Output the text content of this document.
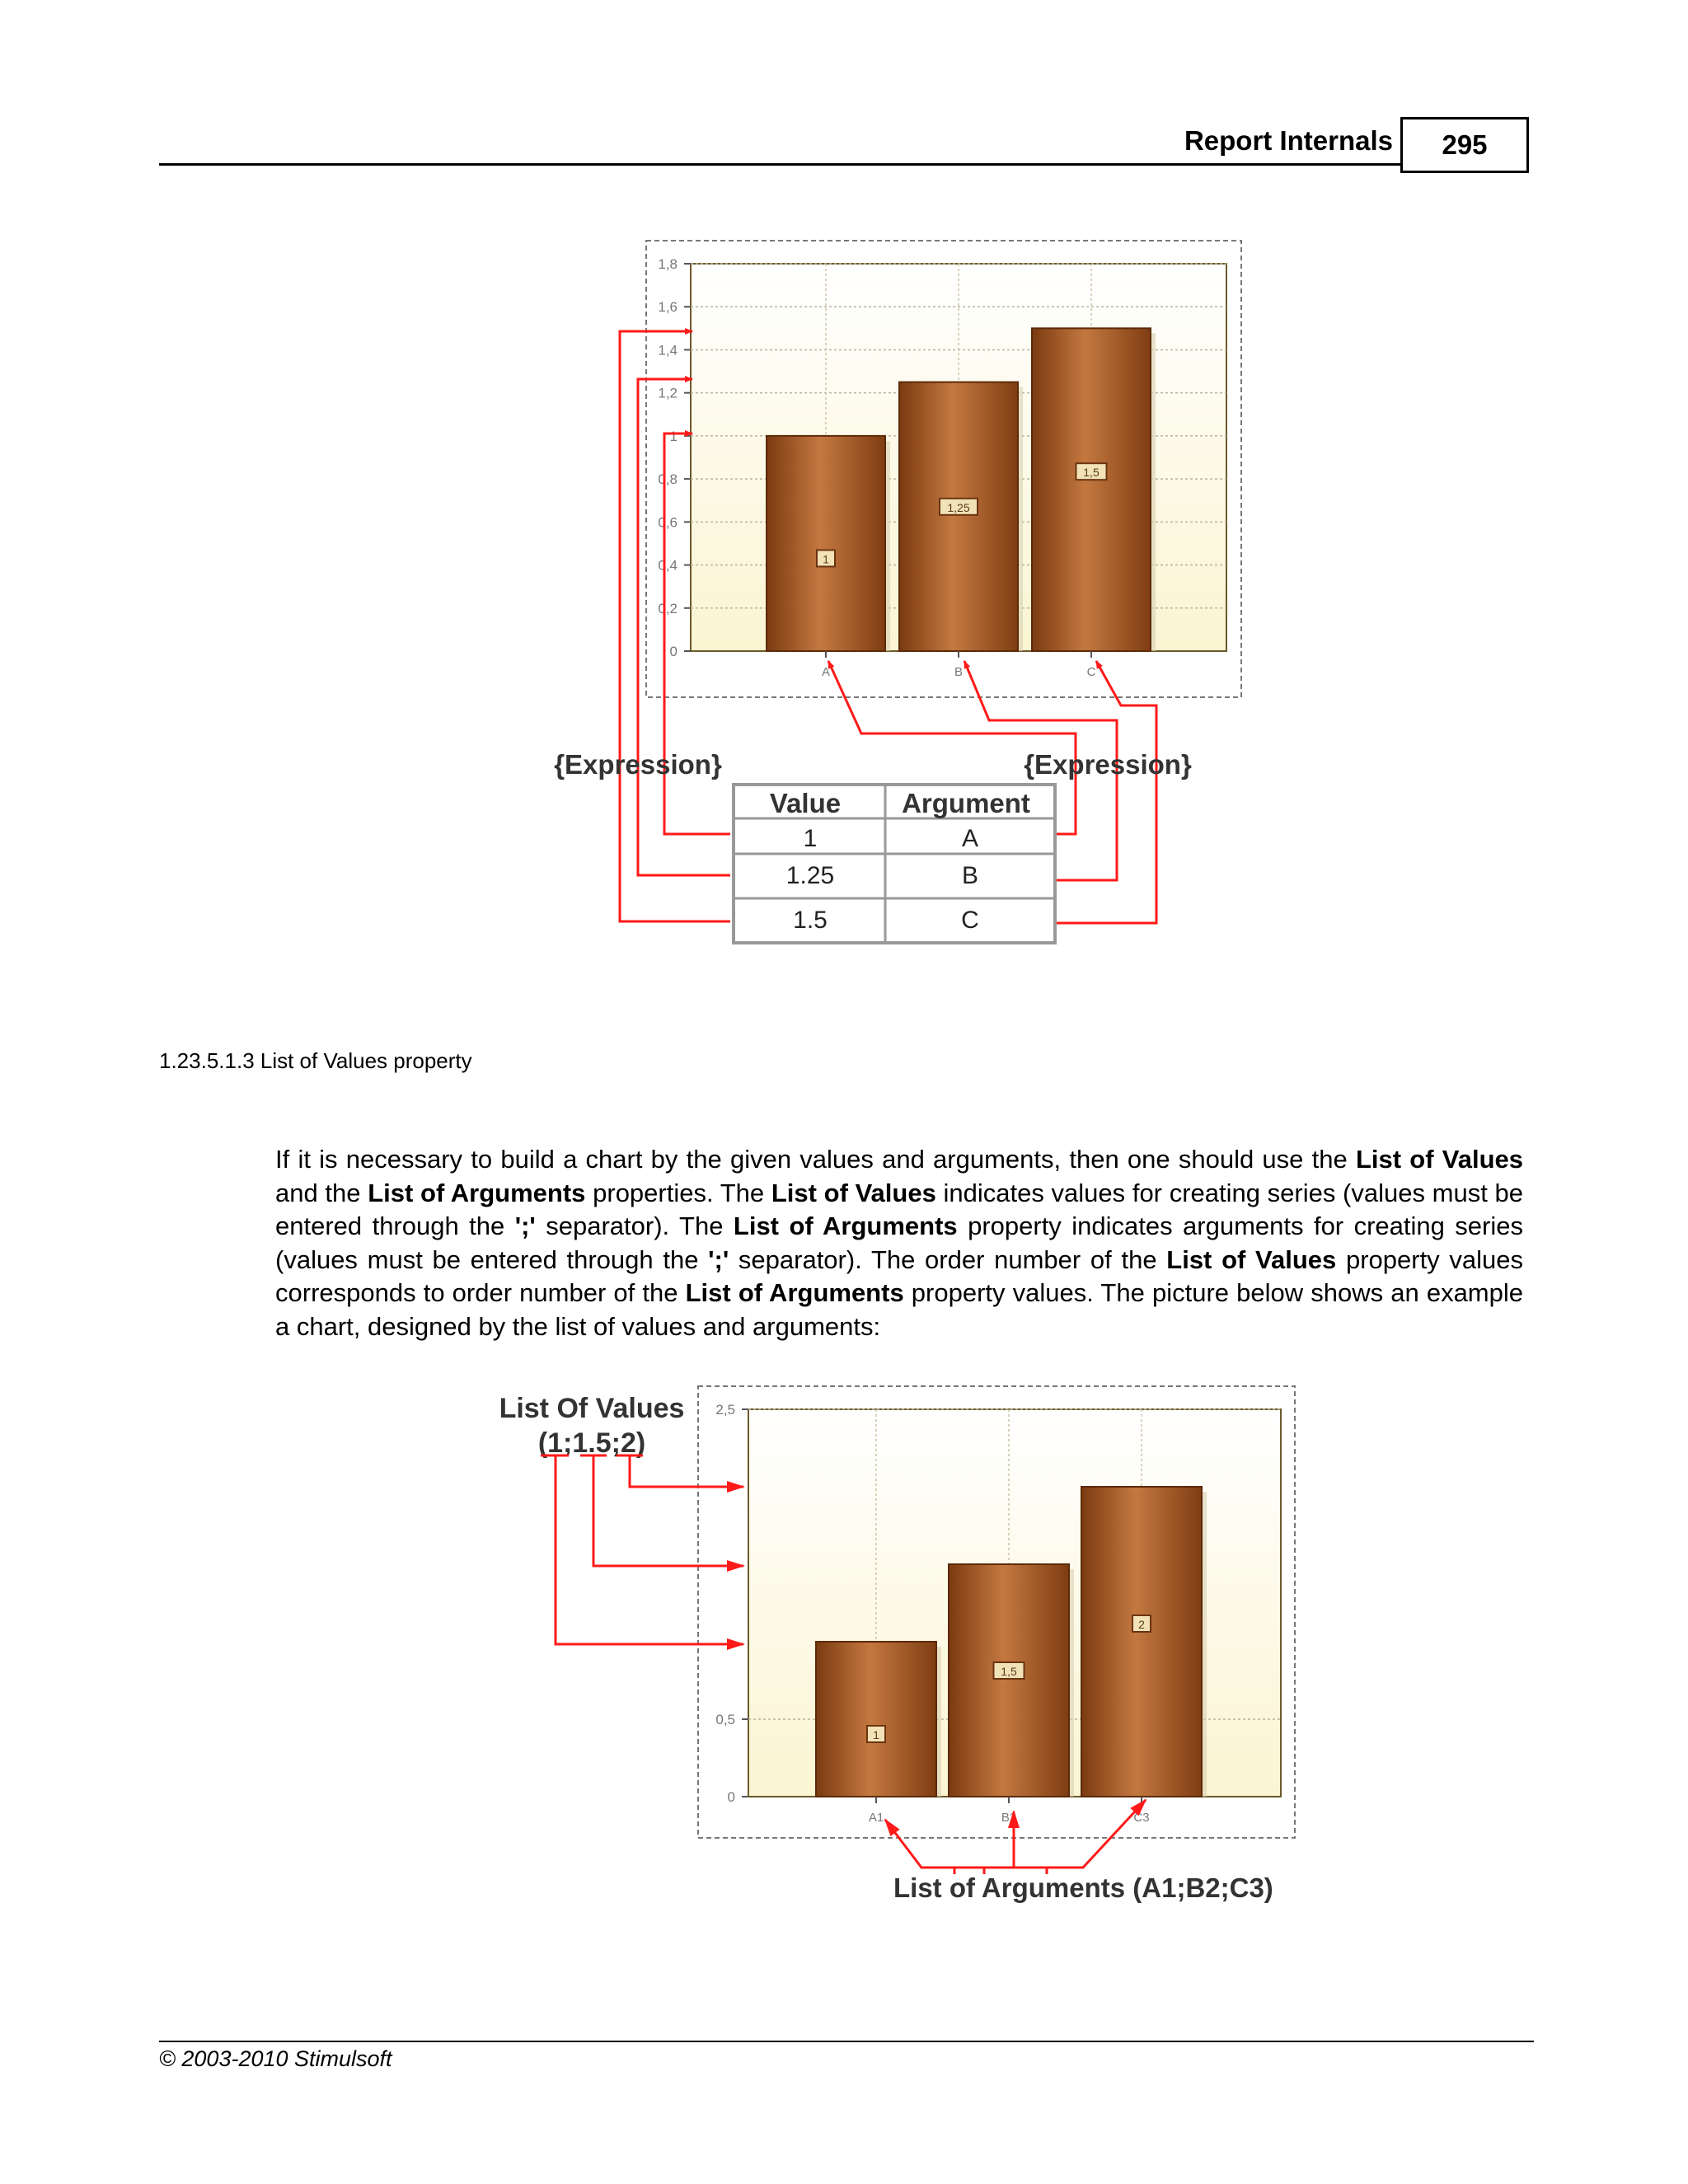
Report Internals 295
0
0,2
0,4
0,6
0,8
1
1,2
1,4
1,6
1,8
1
1,25
1,5
A	B	C
{Expression}	{Expression}
Value Argument
1	A
1.25	B
1.5	C
1.23.5.1.3 List of Values property
If it is necessary to build a chart by the given values and arguments, then one should use the List of Values and the List of Arguments properties. The List of Values indicates values for creating series (values must be entered through the ';' separator). The List of Arguments property indicates arguments for creating series (values must be entered through the ';' separator). The order number of the List of Values property values corresponds to order number of the List of Arguments property values. The picture below shows an example a chart, designed by the list of values and arguments:
0
0,5
2,5
1
1,5
2
A1	B2	C3
List Of Values
(1;1.5;2)
List of Arguments (A1;B2;C3)
© 2003-2010 Stimulsoft
